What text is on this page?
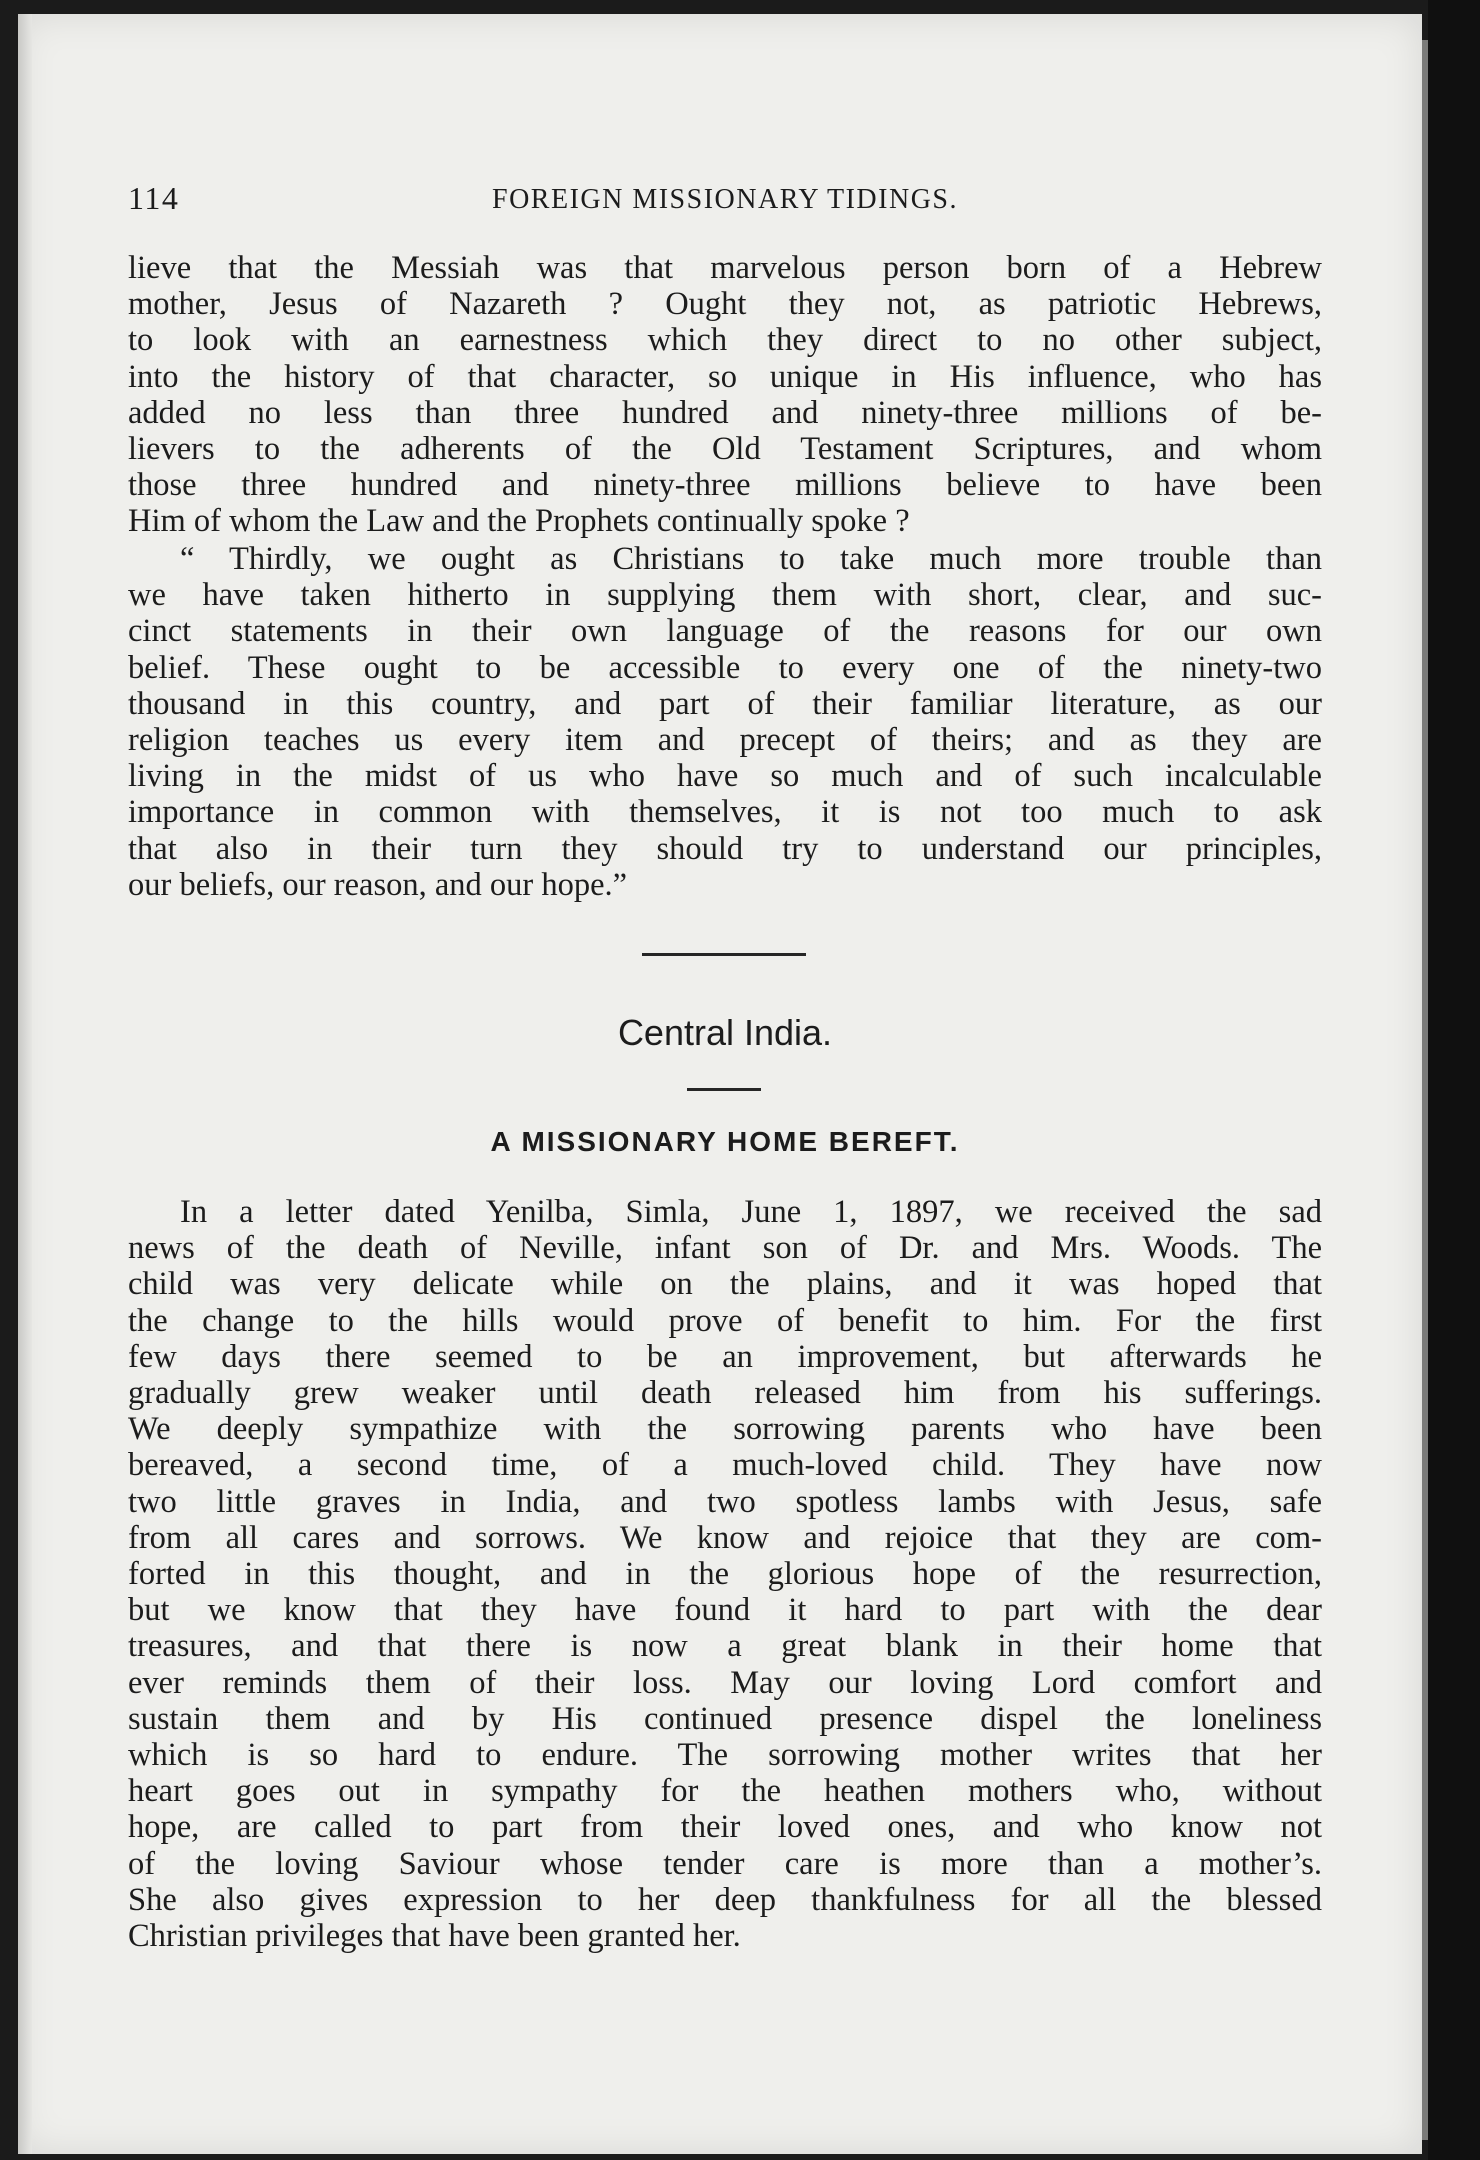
114	FOREIGN MISSIONARY TIDINGS.

lieve that the Messiah was that marvelous person born of a Hebrew
mother, Jesus of Nazareth ? Ought they not, as patriotic Hebrews,
to look with an earnestness which they direct to no other subject,
into the history of that character, so unique in His influence, who has
added no less than three hundred and ninety-three millions of be-
lievers to the adherents of the Old Testament Scriptures, and whom
those three hundred and ninety-three millions believe to have been
Him of whom the Law and the Prophets continually spoke ?

“ Thirdly, we ought as Christians to take much more trouble than
we have taken hitherto in supplying them with short, clear, and suc-
cinct statements in their own language of the reasons for our own
belief. These ought to be accessible to every one of the ninety-two
thousand in this country, and part of their familiar literature, as our
religion teaches us every item and precept of theirs; and as they are
living in the midst of us who have so much and of such incalculable
importance in common with themselves, it is not too much to ask
that also in their turn they should try to understand our principles,
our beliefs, our reason, and our hope.”

Central India.
A MISSIONARY HOME BEREFT.

In a letter dated Yenilba, Simla, June 1, 1897, we received the sad
news of the death of Neville, infant son of Dr. and Mrs. Woods. The
child was very delicate while on the plains, and it was hoped that
the change to the hills would prove of benefit to him. For the first
few days there seemed to be an improvement, but afterwards he
gradually grew weaker until death released him from his sufferings.
We deeply sympathize with the sorrowing parents who have been
bereaved, a second time, of a much-loved child. They have now
two little graves in India, and two spotless lambs with Jesus, safe
from all cares and sorrows. We know and rejoice that they are com-
forted in this thought, and in the glorious hope of the resurrection,
but we know that they have found it hard to part with the dear
treasures, and that there is now a great blank in their home that
ever reminds them of their loss. May our loving Lord comfort and
sustain them and by His continued presence dispel the loneliness
which is so hard to endure. The sorrowing mother writes that her
heart goes out in sympathy for the heathen mothers who, without
hope, are called to part from their loved ones, and who know not
of the loving Saviour whose tender care is more than a mother’s.
She also gives expression to her deep thankfulness for all the blessed
Christian privileges that have been granted her.
